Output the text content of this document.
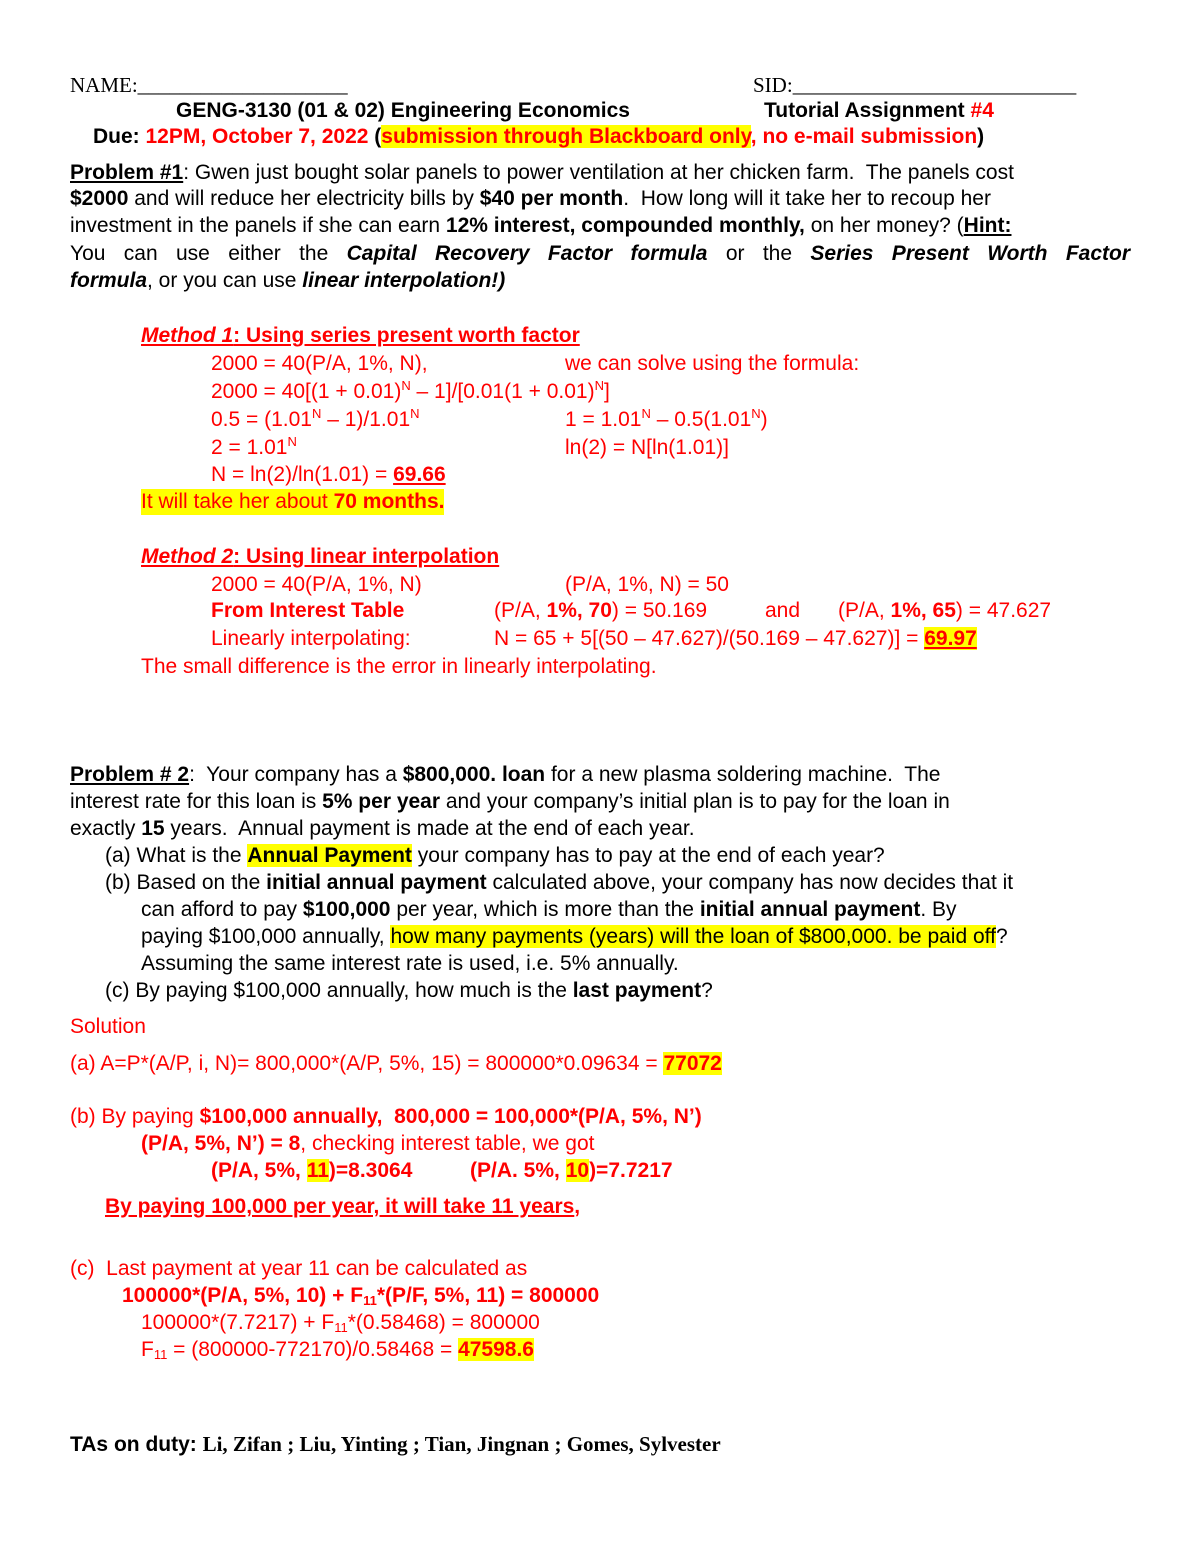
NAME:____________________	SID:___________________________
GENG-3130 (01 & 02) Engineering Economics	Tutorial Assignment #4
Due: 12PM, October 7, 2022 (submission through Blackboard only, no e-mail submission)
Problem #1: Gwen just bought solar panels to power ventilation at her chicken farm.  The panels cost
$2000 and will reduce her electricity bills by $40 per month.  How long will it take her to recoup her
investment in the panels if she can earn 12% interest, compounded monthly, on her money? (Hint:
You can use either the Capital Recovery Factor formula or the Series Present Worth Factor
formula, or you can use linear interpolation!)
Method 1: Using series present worth factor
2000 = 40(P/A, 1%, N),	we can solve using the formula:
$2000 = 40[(1 + 0.01)^N - 1]/[0.01(1 + 0.01)^N]$
$0.5 = (1.01^N - 1)/1.01^N$	$1 = 1.01^N - 0.5(1.01^N)$
$2 = 1.01^N$	ln(2) = N[ln(1.01)]
N = ln(2)/ln(1.01) = 69.66
It will take her about 70 months.
Method 2: Using linear interpolation
2000 = 40(P/A, 1%, N)	(P/A, 1%, N) = 50
From Interest Table	(P/A, 1%, 70) = 50.169	and (P/A, 1%, 65) = 47.627
Linearly interpolating:	N = 65 + 5[(50 – 47.627)/(50.169 – 47.627)] = 69.97
The small difference is the error in linearly interpolating.
Problem # 2:  Your company has a $800,000. loan for a new plasma soldering machine.  The
interest rate for this loan is 5% per year and your company’s initial plan is to pay for the loan in
exactly 15 years.  Annual payment is made at the end of each year.
(a) What is the Annual Payment your company has to pay at the end of each year?
(b) Based on the initial annual payment calculated above, your company has now decides that it
can afford to pay $100,000 per year, which is more than the initial annual payment. By
paying $100,000 annually, how many payments (years) will the loan of $800,000. be paid off?
Assuming the same interest rate is used, i.e. 5% annually.
(c) By paying $100,000 annually, how much is the last payment?
Solution
(a) A=P*(A/P, i, N)= 800,000*(A/P, 5%, 15) = 800000*0.09634 = 77072
(b) By paying $100,000 annually,  800,000 = 100,000*(P/A, 5%, N’)
(P/A, 5%, N’) = 8, checking interest table, we got
(P/A, 5%, 11)=8.3064	(P/A. 5%, 10)=7.7217
By paying 100,000 per year, it will take 11 years,
(c)  Last payment at year 11 can be calculated as
100000*(P/A, 5%, $10) + F_{11}*(P/F$, 5%, 11) = 800000
$100000*(7.7217) + F_{11}*(0.58468) = 800000$
$F_{11} = (800000-772170)/0.58468 = 47598.6$
TAs on duty: Li, Zifan ; Liu, Yinting ; Tian, Jingnan ; Gomes, Sylvester
